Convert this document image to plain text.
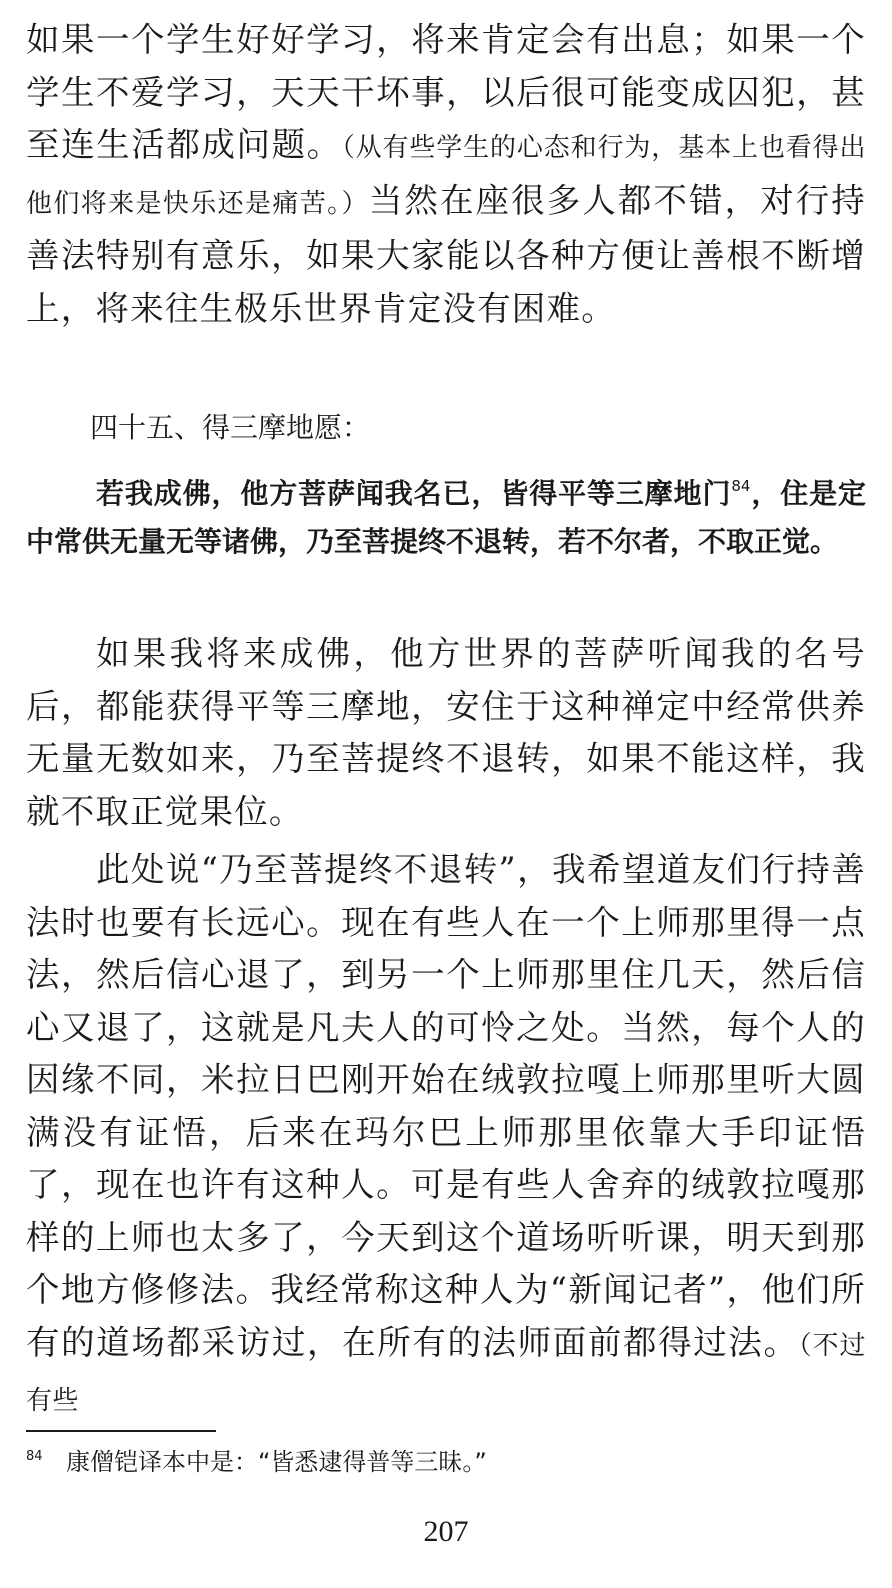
如果一个学生好好学习，将来肯定会有出息；如果一个学生不爱学习，天天干坏事，以后很可能变成囚犯，甚至连生活都成问题。（从有些学生的心态和行为，基本上也看得出他们将来是快乐还是痛苦。）当然在座很多人都不错，对行持善法特别有意乐，如果大家能以各种方便让善根不断增上，将来往生极乐世界肯定没有困难。

四十五、得三摩地愿：

若我成佛，他方菩萨闻我名已，皆得平等三摩地门$^{84}$，住是定中常供无量无等诸佛，乃至菩提终不退转，若不尔者，不取正觉。

如果我将来成佛，他方世界的菩萨听闻我的名号后，都能获得平等三摩地，安住于这种禅定中经常供养无量无数如来，乃至菩提终不退转，如果不能这样，我就不取正觉果位。

此处说“乃至菩提终不退转”，我希望道友们行持善法时也要有长远心。现在有些人在一个上师那里得一点法，然后信心退了，到另一个上师那里住几天，然后信心又退了，这就是凡夫人的可怜之处。当然，每个人的因缘不同，米拉日巴刚开始在绒敦拉嘎上师那里听大圆满没有证悟，后来在玛尔巴上师那里依靠大手印证悟了，现在也许有这种人。可是有些人舍弃的绒敦拉嘎那样的上师也太多了，今天到这个道场听听课，明天到那个地方修修法。我经常称这种人为“新闻记者”，他们所有的道场都采访过，在所有的法师面前都得过法。（不过有些

84 康僧铠译本中是：“皆悉逮得普等三昧。”

207
